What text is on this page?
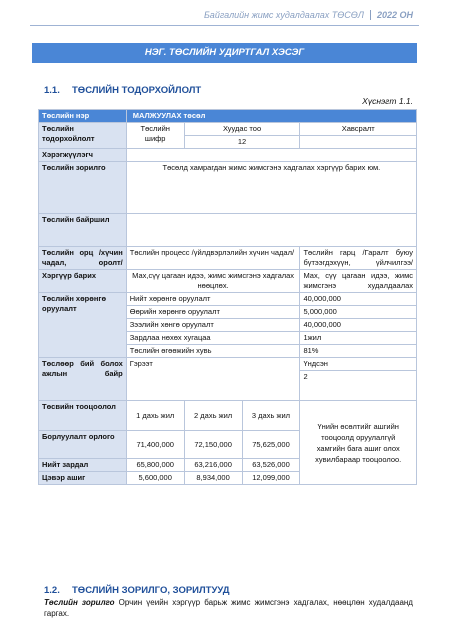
Байгалийн жимс худалдаалах ТӨСӨЛ 2022 ОН
НЭГ. ТӨСЛИЙН УДИРТГАЛ ХЭСЭГ
1.1. ТӨСЛИЙН ТОДОРХОЙЛОЛТ
Хүснэгт 1.1.
Төслийн нэр	МАЛЖУУЛАХ төсөл			
Төслийн тодорхойлолт	Төслийн шифр	Хуудас тоо		Хавсралт
		12		
Хэрэгжүүлэгч				
Төслийн зорилго	Төсөлд хамрагдан жимс жимсгэнэ хадгалах хэргүүр барих юм.			
Төслийн байршил				
Төслийн орц /хүчин чадал, оролт/	Төслийн процесс /үйлдвэрлэлийн хүчин чадал/			Төслийн гарц /Гаралт буюу бүтээгдэхүүн, үйлчилгээ/
Хэргүүр барих	Мах,сүү цагаан идээ, жимс жимсгэнэ хадгалах нөөцлөх.			Мах, сүү цагаан идээ, жимс жимсгэнэ худалдаалах
Төслийн хөрөнгө оруулалт	Нийт хөрөнгө оруулалт			40,000,000
	Өөрийн хөрөнгө оруулалт			5,000,000
	Зээлийн хөнгө оруулалт			40,000,000
	Зардлаа нөхөх хугацаа			1жил
	Төслийн өгөөжийн хувь			81%
Төслөөр бий болох ажлын байр	Гэрээт			Үндсэн
				2
Төсвийн тооцоолол	1 дахь жил	2 дахь жил	3 дахь жил	Үнийн өсөлтийг ашгийн тооцоолд оруулалгүй хамгийн бага ашиг олох хувилбараар тооцоолоо.
Борлуулалт орлого	71,400,000	72,150,000	75,625,000	
Нийт зардал	65,800,000	63,216,000	63,526,000	
Цэвэр ашиг	5,600,000	8,934,000	12,099,000	
1.2. ТӨСЛИЙН ЗОРИЛГО, ЗОРИЛТУУД
Төслийн зорилго Орчин үеийн хэргүүр барьж жимс жимсгэнэ хадгалах, нөөцлөн худалдаанд гаргах.
